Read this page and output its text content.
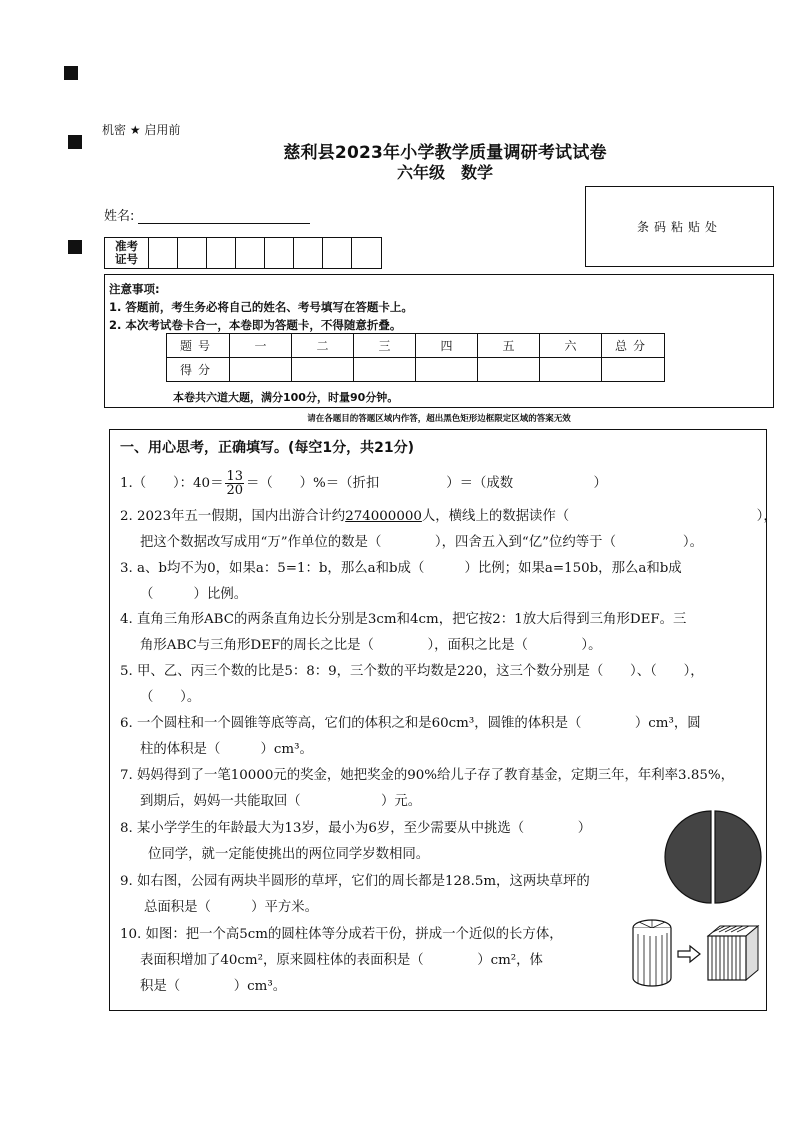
机密 ★ 启用前
慈利县2023年小学教学质量调研考试试卷
六年级　数学
条码粘贴处
姓名:
准考
证号
注意事项:
1. 答题前，考生务必将自己的姓名、考号填写在答题卡上。
2. 本次考试卷卡合一，本卷即为答题卡，不得随意折叠。
题号	一	二	三	四	五	六	总分
得分							
本卷共六道大题，满分100分，时量90分钟。
请在各题目的答题区域内作答，超出黑色矩形边框限定区域的答案无效
一、用心思考，正确填写。(每空1分，共21分)
1.（　　）：$40= \frac{13}{20}$ ＝（　　）%＝（折扣　　　　　）＝（成数　　　　　　）
2. 2023年五一假期，国内出游合计约274000000人，横线上的数据读作（　　　　　　　　　　　　　　），
把这个数据改写成用“万”作单位的数是（　　　　），四舍五入到“亿”位约等于（　　　　　）。
3. a、b均不为0，如果a：5=1：b，那么a和b成（　　　）比例；如果a=150b，那么a和b成
（　　　）比例。
4. 直角三角形ABC的两条直角边长分别是3cm和4cm，把它按2：1放大后得到三角形DEF。三
角形ABC与三角形DEF的周长之比是（　　　　），面积之比是（　　　　）。
5. 甲、乙、丙三个数的比是5：8：9，三个数的平均数是220，这三个数分别是（　　）、（　　），
（　　）。
6. 一个圆柱和一个圆锥等底等高，它们的体积之和是60cm³，圆锥的体积是（　　　　）cm³，圆
柱的体积是（　　　）cm³。
7. 妈妈得到了一笔10000元的奖金，她把奖金的90%给儿子存了教育基金，定期三年，年利率3.85%，
到期后，妈妈一共能取回（　　　　　　）元。
8. 某小学学生的年龄最大为13岁，最小为6岁，至少需要从中挑选（　　　　）
位同学，就一定能使挑出的两位同学岁数相同。
9. 如右图，公园有两块半圆形的草坪，它们的周长都是128.5m，这两块草坪的
总面积是（　　　）平方米。
10. 如图：把一个高5cm的圆柱体等分成若干份，拼成一个近似的长方体，
表面积增加了40cm²，原来圆柱体的表面积是（　　　　）cm²，体
积是（　　　　）cm³。
